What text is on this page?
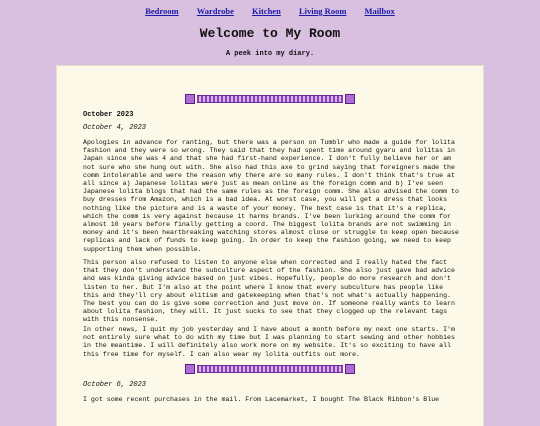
Bedroom Wardrobe Kitchen Living Room Mailbox
Welcome to My Room
A peek into my diary.
October 2023
October 4, 2023

Apologies in advance for ranting, but there was a person on Tumblr who made a guide for lolita fashion and they were so wrong. They said that they had spent time around gyaru and lolitas in Japan since she was 4 and that she had first-hand experience. I don't fully believe her or am not sure who she hung out with. She also had this axe to grind saying that foreigners made the comm intolerable and were the reason why there are so many rules. I don't think that's true at all since a) Japanese lolitas were just as mean online as the foreign comm and b) I've seen Japanese lolita blogs that had the same rules as the foreign comm. She also advised the comm to buy dresses from Amazon, which is a bad idea. At worst case, you will get a dress that looks nothing like the picture and is a waste of your money. The best case is that it's a replica, which the comm is very against because it harms brands. I've been lurking around the comm for almost 10 years before finally getting a coord. The biggest lolita brands are not swimming in money and it's been heartbreaking watching stores almost close or struggle to keep open because replicas and lack of funds to keep going. In order to keep the fashion going, we need to keep supporting them when possible.

This person also refused to listen to anyone else when corrected and I really hated the fact that they don't understand the subculture aspect of the fashion. She also just gave bad advice and was kinda giving advice based on just vibes. Hopefully, people do more research and don't listen to her. But I'm also at the point where I know that every subculture has people like this and they'll cry about elitism and gatekeeping when that's not what's actually happening. The best you can do is give some correction and just move on. If someone really wants to learn about lolita fashion, they will. It just sucks to see that they clogged up the relevant tags with this nonsense.

In other news, I quit my job yesterday and I have about a month before my next one starts. I'm not entirely sure what to do with my time but I was planning to start sewing and other hobbies in the meantime. I will definitely also work more on my website. It's so exciting to have all this free time for myself. I can also wear my lolita outfits out more.

October 6, 2023

I got some recent purchases in the mail. From Lacemarket, I bought The Black Ribbon's Blue
